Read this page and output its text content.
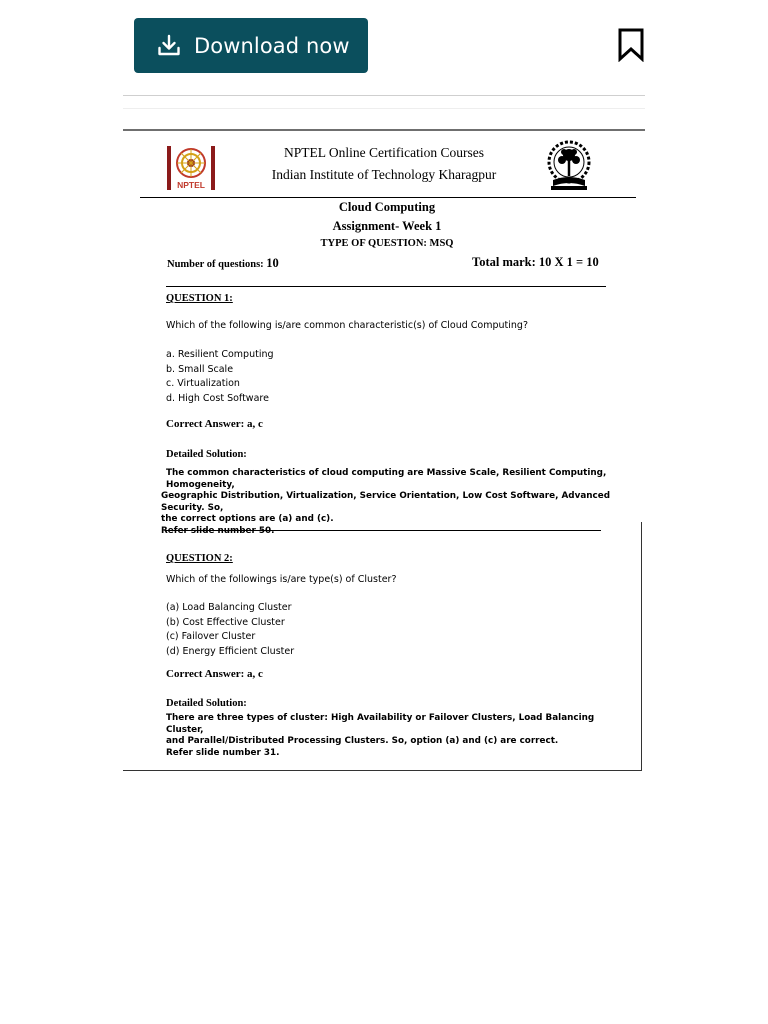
Download now
NPTEL
NPTEL Online Certification Courses
Indian Institute of Technology Kharagpur
Cloud Computing
Assignment- Week 1
TYPE OF QUESTION: MSQ
Number of questions: 10	Total mark: 10 X 1 = 10
QUESTION 1:
Which of the following is/are common characteristic(s) of Cloud Computing?
a. Resilient Computing
b. Small Scale
c. Virtualization
d. High Cost Software
Correct Answer: a, c
Detailed Solution:
The common characteristics of cloud computing are Massive Scale, Resilient Computing, Homogeneity,
Geographic Distribution, Virtualization, Service Orientation, Low Cost Software, Advanced Security. So,
the correct options are (a) and (c).
Refer slide number 50.
QUESTION 2:
Which of the followings is/are type(s) of Cluster?
(a) Load Balancing Cluster
(b) Cost Effective Cluster
(c) Failover Cluster
(d) Energy Efficient Cluster
Correct Answer: a, c
Detailed Solution:
There are three types of cluster: High Availability or Failover Clusters, Load Balancing Cluster,
and Parallel/Distributed Processing Clusters. So, option (a) and (c) are correct.
Refer slide number 31.
